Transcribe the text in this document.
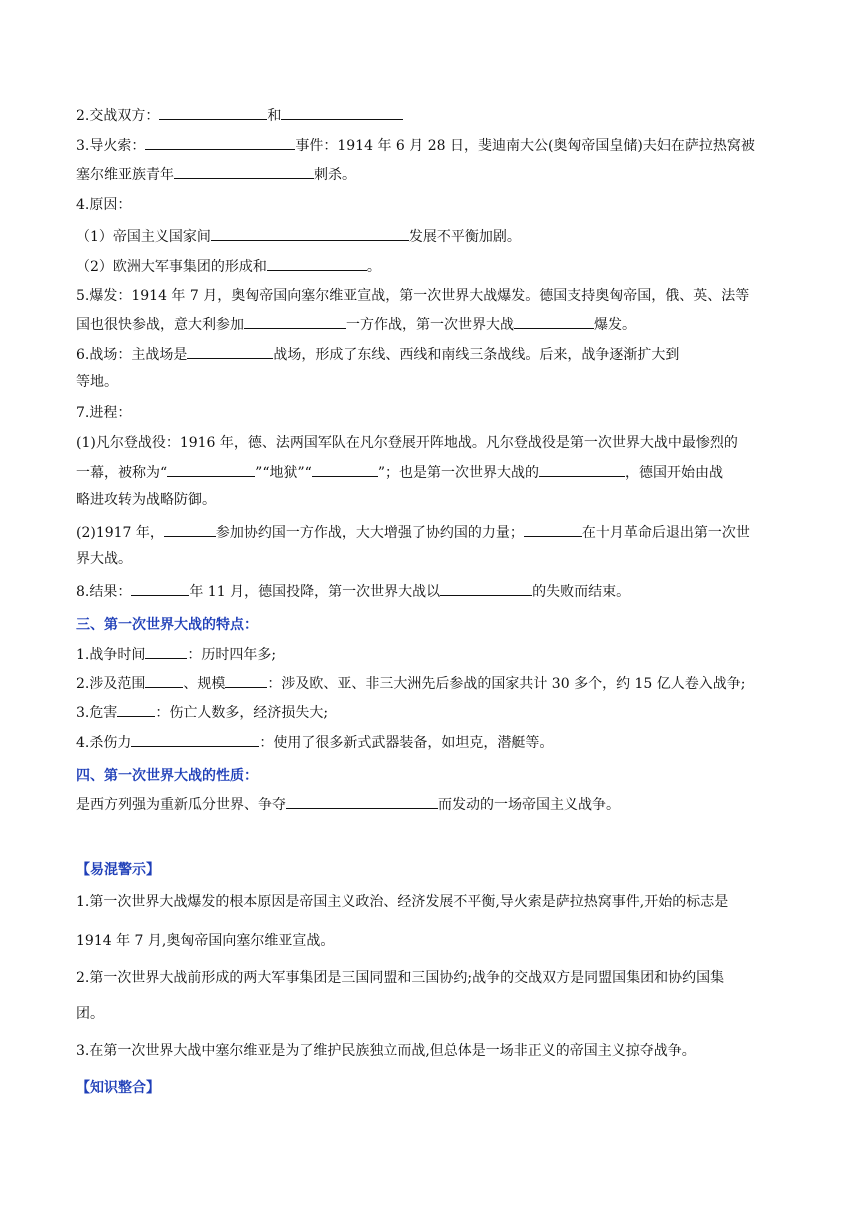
2.交战双方：	和
3.导火索：	事件：1914 年 6 月 28 日，斐迪南大公(奥匈帝国皇储)夫妇在萨拉热窝被
塞尔维亚族青年	刺杀。
4.原因：
（1）帝国主义国家间	发展不平衡加剧。
（2）欧洲大军事集团的形成和	。
5.爆发：1914 年 7 月，奥匈帝国向塞尔维亚宣战，第一次世界大战爆发。德国支持奥匈帝国，俄、英、法等
国也很快参战，意大利参加	一方作战，第一次世界大战	爆发。
6.战场：主战场是	战场，形成了东线、西线和南线三条战线。后来，战争逐渐扩大到
等地。
7.进程：
(1)凡尔登战役：1916 年，德、法两国军队在凡尔登展开阵地战。凡尔登战役是第一次世界大战中最惨烈的
一幕，被称为“	”“地狱”“	”；也是第一次世界大战的	，德国开始由战
略进攻转为战略防御。
(2)1917 年，	参加协约国一方作战，大大增强了协约国的力量；	在十月革命后退出第一次世
界大战。
8.结果：	年 11 月，德国投降，第一次世界大战以	的失败而结束。
三、第一次世界大战的特点：
1.战争时间	：历时四年多;
2.涉及范围	、规模	：涉及欧、亚、非三大洲先后参战的国家共计 30 多个，约 15 亿人卷入战争;
3.危害	：伤亡人数多，经济损失大;
4.杀伤力	：使用了很多新式武器装备，如坦克，潜艇等。
四、第一次世界大战的性质：
是西方列强为重新瓜分世界、争夺	而发动的一场帝国主义战争。
【易混警示】
1.第一次世界大战爆发的根本原因是帝国主义政治、经济发展不平衡,导火索是萨拉热窝事件,开始的标志是
1914 年 7 月,奥匈帝国向塞尔维亚宣战。
2.第一次世界大战前形成的两大军事集团是三国同盟和三国协约;战争的交战双方是同盟国集团和协约国集
团。
3.在第一次世界大战中塞尔维亚是为了维护民族独立而战,但总体是一场非正义的帝国主义掠夺战争。
【知识整合】
